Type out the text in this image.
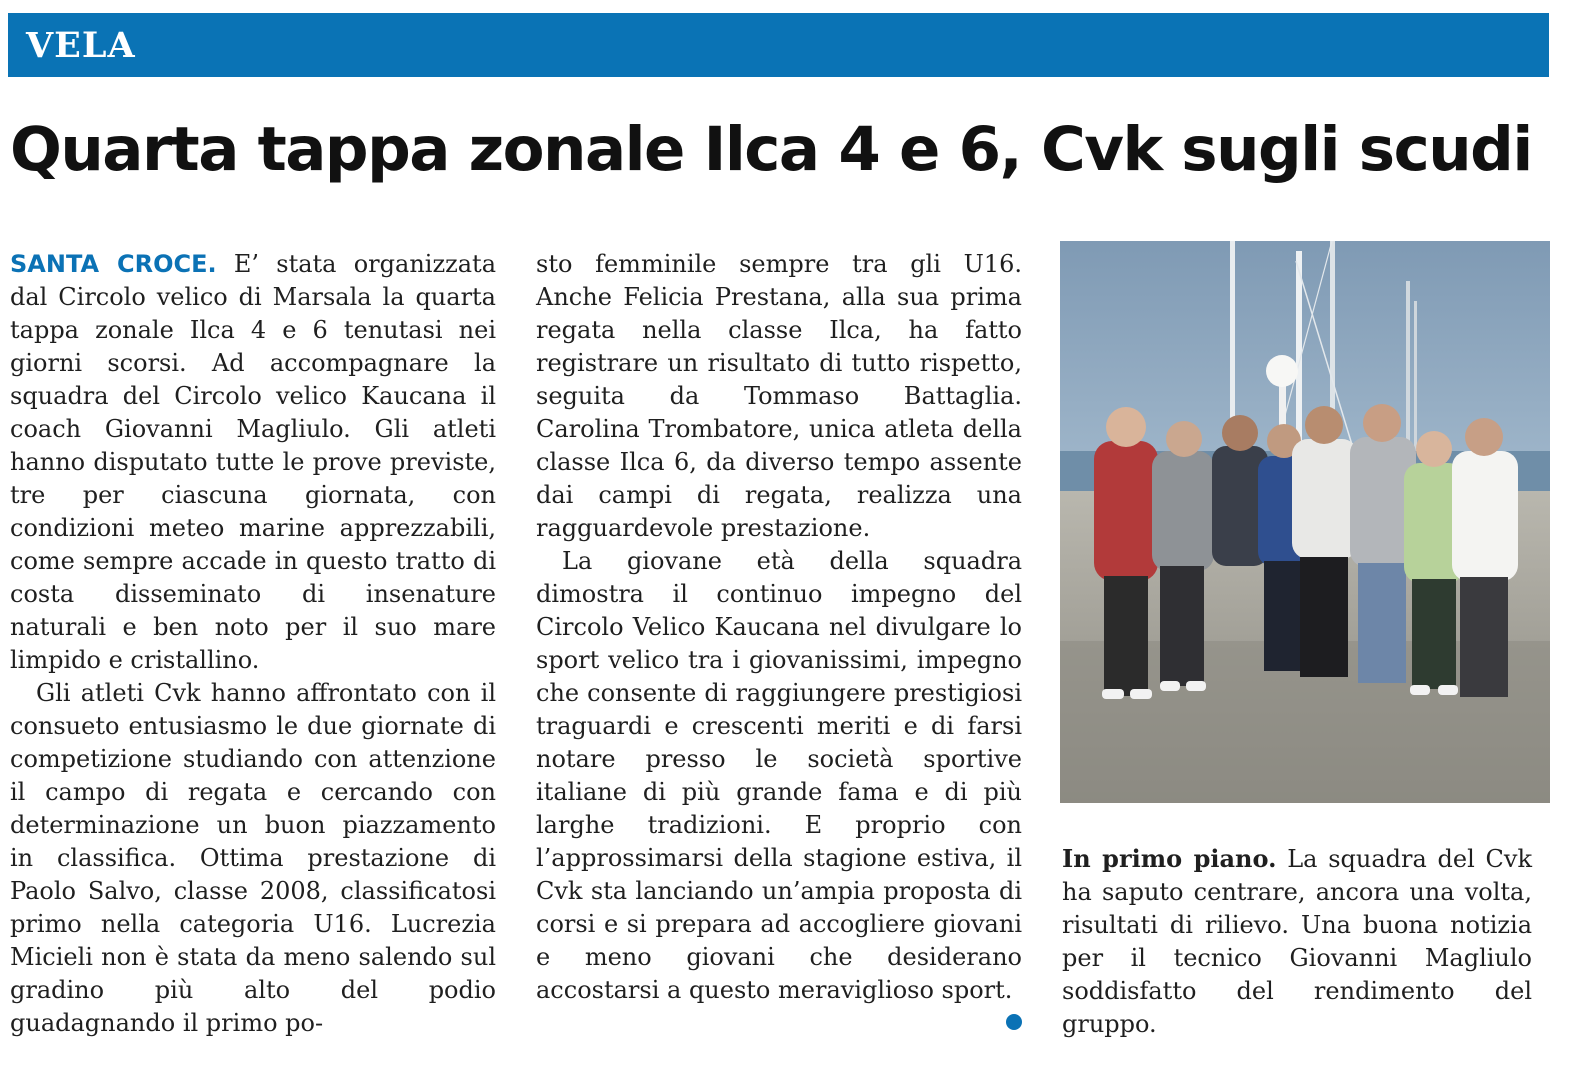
VELA
Quarta tappa zonale Ilca 4 e 6, Cvk sugli scudi

SANTA CROCE. E’ stata organizzata dal Circolo velico di Marsala la quarta tappa zonale Ilca 4 e 6 tenutasi nei giorni scorsi. Ad accompagnare la squadra del Circolo velico Kaucana il coach Giovanni Magliulo. Gli atleti hanno disputato tutte le prove previste, tre per ciascuna giornata, con condizioni meteo marine apprezzabili, come sempre accade in questo tratto di costa disseminato di insenature naturali e ben noto per il suo mare limpido e cristallino.

Gli atleti Cvk hanno affrontato con il consueto entusiasmo le due giornate di competizione studiando con attenzione il campo di regata e cercando con determinazione un buon piazzamento in classifica. Ottima prestazione di Paolo Salvo, classe 2008, classificatosi primo nella categoria U16. Lucrezia Micieli non è stata da meno salendo sul gradino più alto del podio guadagnando il primo po-

sto femminile sempre tra gli U16. Anche Felicia Prestana, alla sua prima regata nella classe Ilca, ha fatto registrare un risultato di tutto rispetto, seguita da Tommaso Battaglia. Carolina Trombatore, unica atleta della classe Ilca 6, da diverso tempo assente dai campi di regata, realizza una ragguardevole prestazione.

La giovane età della squadra dimostra il continuo impegno del Circolo Velico Kaucana nel divulgare lo sport velico tra i giovanissimi, impegno che consente di raggiungere prestigiosi traguardi e crescenti meriti e di farsi notare presso le società sportive italiane di più grande fama e di più larghe tradizioni. E proprio con l’approssimarsi della stagione estiva, il Cvk sta lanciando un’ampia proposta di corsi e si prepara ad accogliere giovani e meno giovani che desiderano accostarsi a questo meraviglioso sport.

In primo piano. La squadra del Cvk ha saputo centrare, ancora una volta, risultati di rilievo. Una buona notizia per il tecnico Giovanni Magliulo soddisfatto del rendimento del gruppo.
